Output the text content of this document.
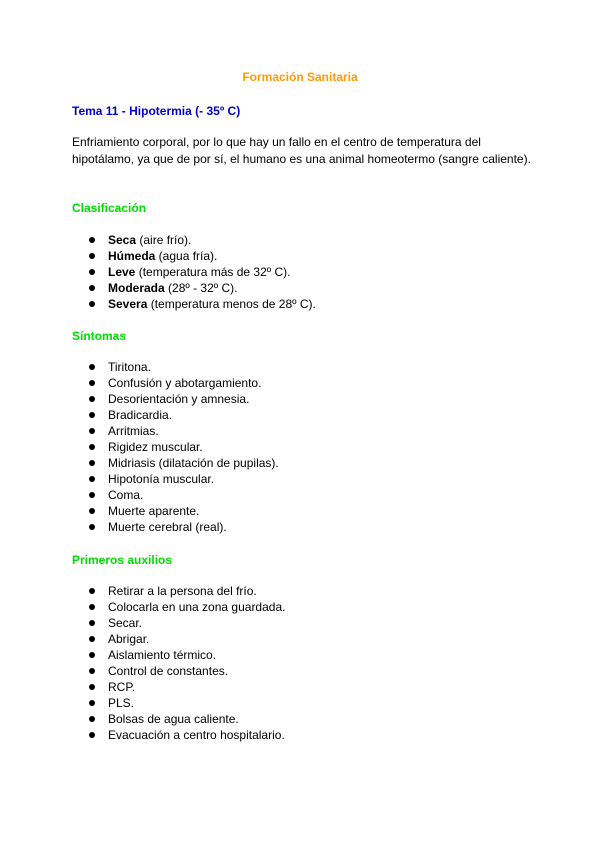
Formación Sanitaria
Tema 11 - Hipotermia (- 35º C)

Enfriamiento corporal, por lo que hay un fallo en el centro de temperatura del hipotálamo, ya que de por sí, el humano es una animal homeotermo (sangre caliente).

Clasificación
Seca (aire frío).
Húmeda (agua fría).
Leve (temperatura más de 32º C).
Moderada (28º - 32º C).
Severa (temperatura menos de 28º C).
Síntomas
Tiritona.
Confusión y abotargamiento.
Desorientación y amnesia.
Bradicardia.
Arritmias.
Rigidez muscular.
Midriasis (dilatación de pupilas).
Hipotonía muscular.
Coma.
Muerte aparente.
Muerte cerebral (real).
Primeros auxilios
Retirar a la persona del frío.
Colocarla en una zona guardada.
Secar.
Abrigar.
Aislamiento térmico.
Control de constantes.
RCP.
PLS.
Bolsas de agua caliente.
Evacuación a centro hospitalario.
